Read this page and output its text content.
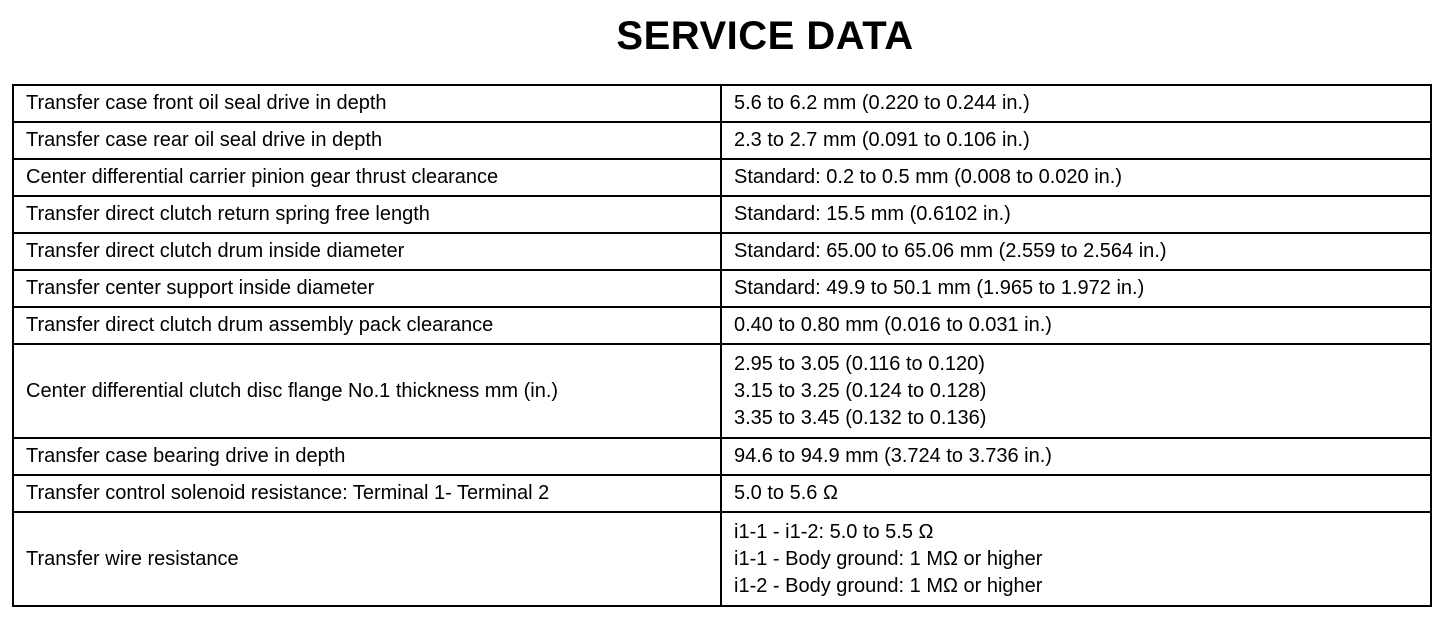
SERVICE DATA
Transfer case front oil seal drive in depth	5.6 to 6.2 mm (0.220 to 0.244 in.)

Transfer case rear oil seal drive in depth	2.3 to 2.7 mm (0.091 to 0.106 in.)

Center differential carrier pinion gear thrust clearance	Standard: 0.2 to 0.5 mm (0.008 to 0.020 in.)

Transfer direct clutch return spring free length	Standard: 15.5 mm (0.6102 in.)

Transfer direct clutch drum inside diameter	Standard: 65.00 to 65.06 mm (2.559 to 2.564 in.)

Transfer center support inside diameter	Standard: 49.9 to 50.1 mm (1.965 to 1.972 in.)

Transfer direct clutch drum assembly pack clearance	0.40 to 0.80 mm (0.016 to 0.031 in.)

Center differential clutch disc flange No.1 thickness mm (in.)	2.95 to 3.05 (0.116 to 0.120)
3.15 to 3.25 (0.124 to 0.128)
3.35 to 3.45 (0.132 to 0.136)

Transfer case bearing drive in depth	94.6 to 94.9 mm (3.724 to 3.736 in.)

Transfer control solenoid resistance: Terminal 1- Terminal 2	5.0 to 5.6 Ω

Transfer wire resistance	i1-1 - i1-2: 5.0 to 5.5 Ω
i1-1 - Body ground: 1 MΩ or higher
i1-2 - Body ground: 1 MΩ or higher
